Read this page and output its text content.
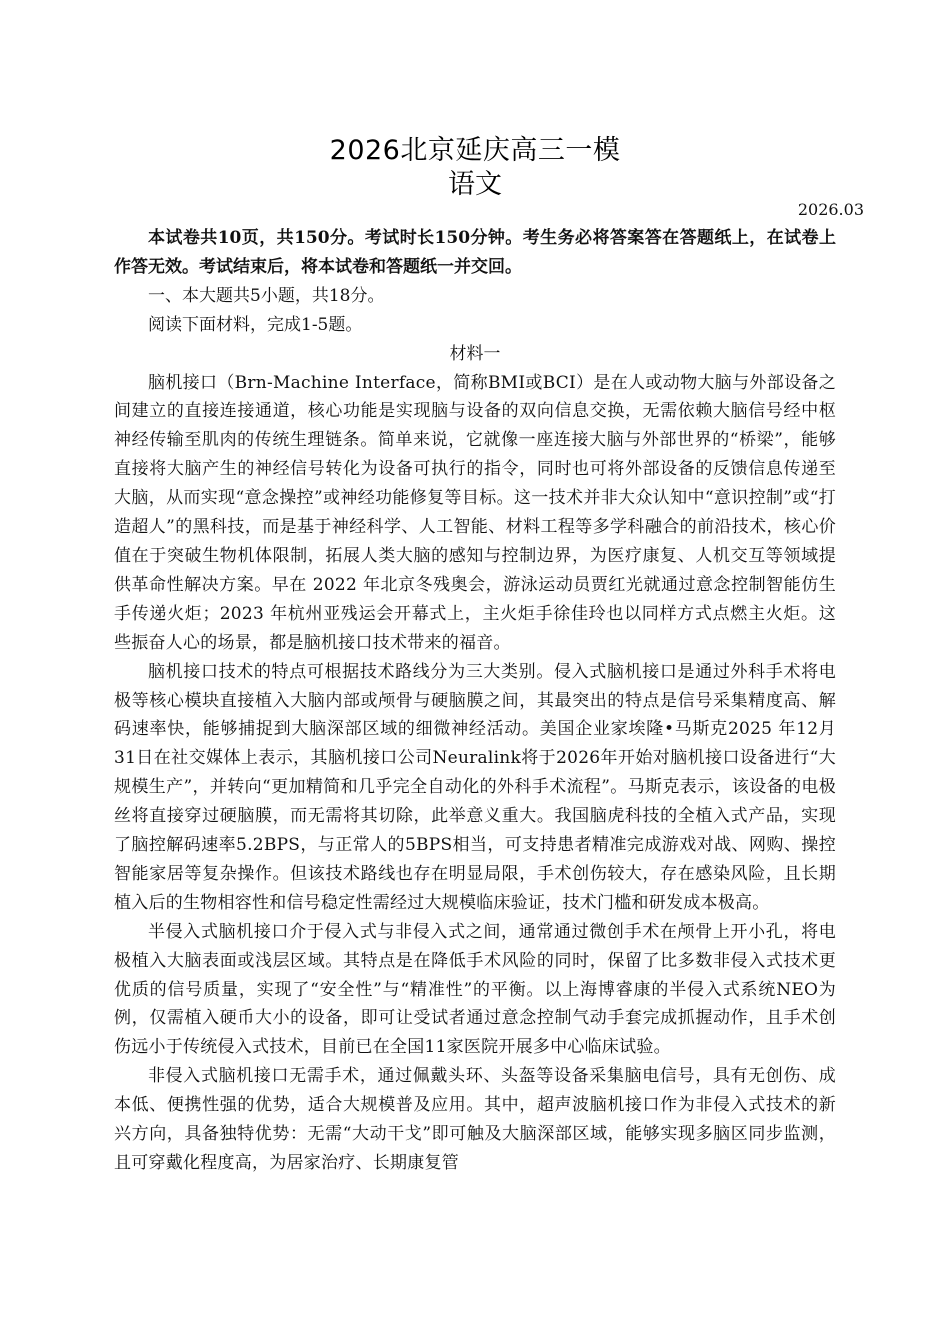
2026北京延庆高三一模
语文
2026.03

本试卷共10页，共150分。考试时长150分钟。考生务必将答案答在答题纸上，在试卷上作答无效。考试结束后，将本试卷和答题纸一并交回。

一、本大题共5小题，共18分。

阅读下面材料，完成1-5题。

材料一

脑机接口（Brn-Machine Interface，简称BMI或BCI）是在人或动物大脑与外部设备之间建立的直接连接通道，核心功能是实现脑与设备的双向信息交换，无需依赖大脑信号经中枢神经传输至肌肉的传统生理链条。简单来说，它就像一座连接大脑与外部世界的“桥梁”，能够直接将大脑产生的神经信号转化为设备可执行的指令，同时也可将外部设备的反馈信息传递至大脑，从而实现“意念操控”或神经功能修复等目标。这一技术并非大众认知中“意识控制”或“打造超人”的黑科技，而是基于神经科学、人工智能、材料工程等多学科融合的前沿技术，核心价值在于突破生物机体限制，拓展人类大脑的感知与控制边界，为医疗康复、人机交互等领域提供革命性解决方案。早在 2022 年北京冬残奥会，游泳运动员贾红光就通过意念控制智能仿生手传递火炬；2023 年杭州亚残运会开幕式上，主火炬手徐佳玲也以同样方式点燃主火炬。这些振奋人心的场景，都是脑机接口技术带来的福音。

脑机接口技术的特点可根据技术路线分为三大类别。侵入式脑机接口是通过外科手术将电极等核心模块直接植入大脑内部或颅骨与硬脑膜之间，其最突出的特点是信号采集精度高、解码速率快，能够捕捉到大脑深部区域的细微神经活动。美国企业家埃隆•马斯克2025 年12月31日在社交媒体上表示，其脑机接口公司Neuralink将于2026年开始对脑机接口设备进行“大规模生产”，并转向“更加精简和几乎完全自动化的外科手术流程”。马斯克表示，该设备的电极丝将直接穿过硬脑膜，而无需将其切除，此举意义重大。我国脑虎科技的全植入式产品，实现了脑控解码速率5.2BPS，与正常人的5BPS相当，可支持患者精准完成游戏对战、网购、操控智能家居等复杂操作。但该技术路线也存在明显局限，手术创伤较大，存在感染风险，且长期植入后的生物相容性和信号稳定性需经过大规模临床验证，技术门槛和研发成本极高。

半侵入式脑机接口介于侵入式与非侵入式之间，通常通过微创手术在颅骨上开小孔，将电极植入大脑表面或浅层区域。其特点是在降低手术风险的同时，保留了比多数非侵入式技术更优质的信号质量，实现了“安全性”与“精准性”的平衡。以上海博睿康的半侵入式系统NEO为例，仅需植入硬币大小的设备，即可让受试者通过意念控制气动手套完成抓握动作，且手术创伤远小于传统侵入式技术，目前已在全国11家医院开展多中心临床试验。

非侵入式脑机接口无需手术，通过佩戴头环、头盔等设备采集脑电信号，具有无创伤、成本低、便携性强的优势，适合大规模普及应用。其中，超声波脑机接口作为非侵入式技术的新兴方向，具备独特优势：无需“大动干戈”即可触及大脑深部区域，能够实现多脑区同步监测，且可穿戴化程度高，为居家治疗、长期康复管
